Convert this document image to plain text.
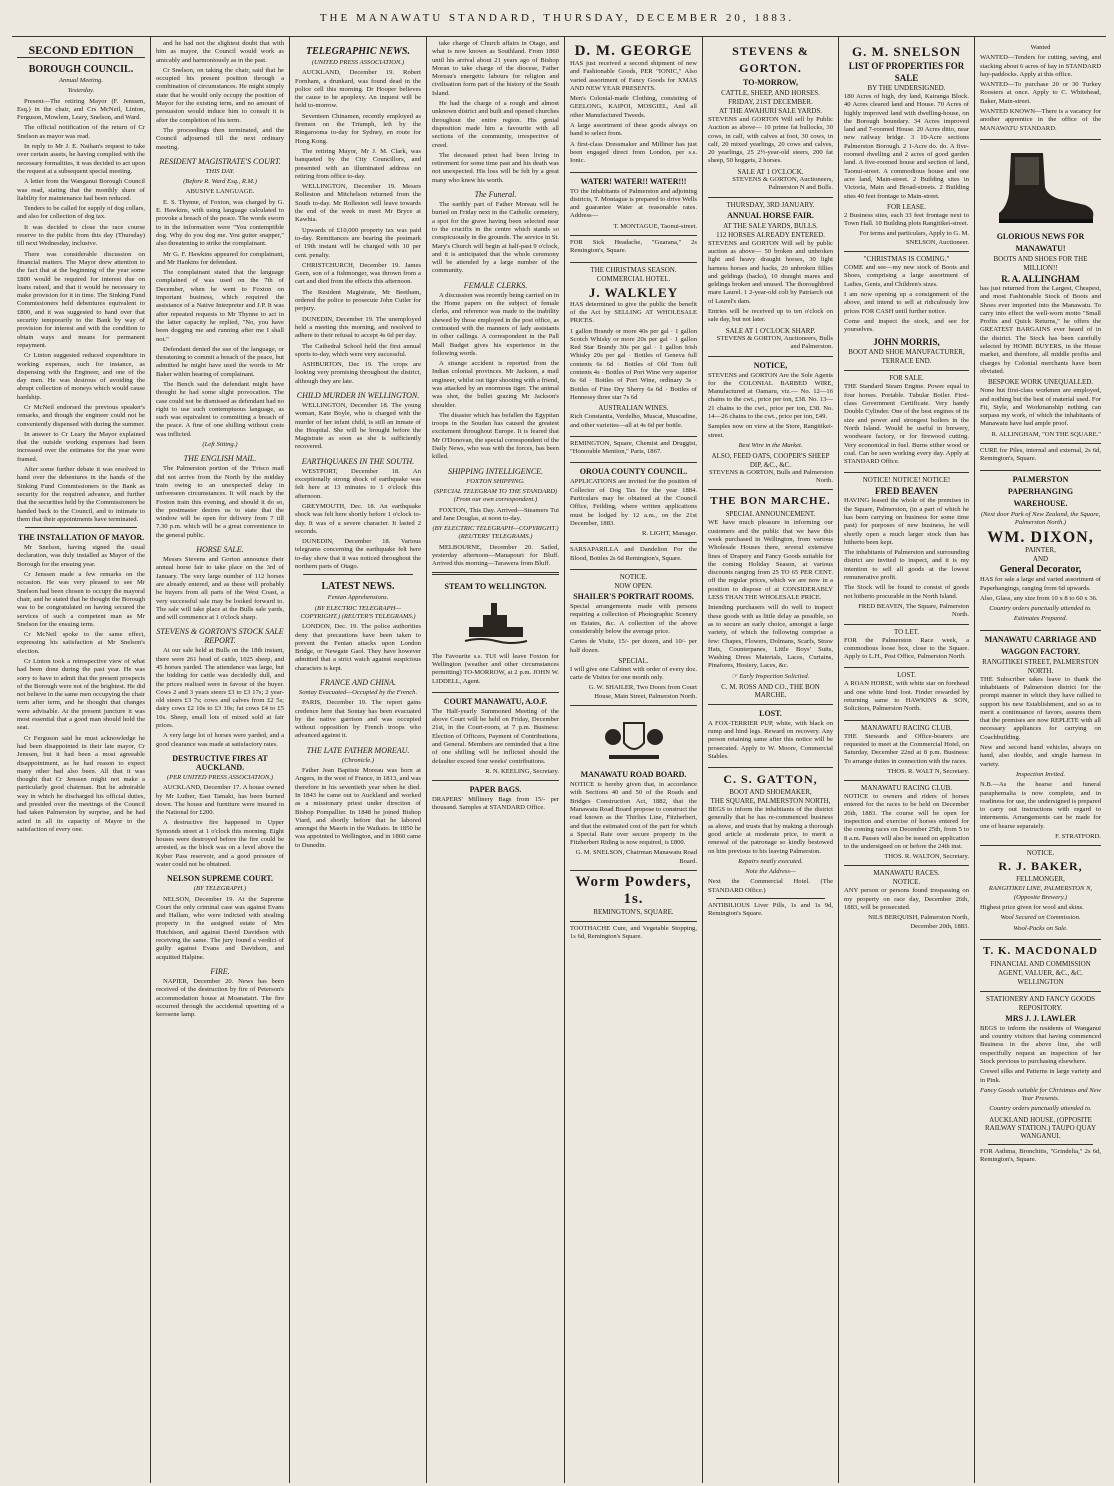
THE MANAWATU STANDARD, THURSDAY, DECEMBER 20, 1883.
SECOND EDITION
BOROUGH COUNCIL.
Annual Meeting.
Yesterday.

Present—The retiring Mayor (F. Jenssen, Esq.) in the chair, and Crs McNeil, Linton, Ferguson, Mowlem, Leary, Snelson, and Ward.

The official notification of the return of Cr Snelson as mayor was read.

In reply to Mr J. E. Nathan's request to take over certain assets, he having complied with the necessary formalities, it was decided to act upon the request at a subsequent special meeting.

A letter from the Wanganui Borough Council was read, stating that the monthly share of liability for maintenance had been reduced.

Tenders to be called for supply of dog collars, and also for collection of dog tax.

It was decided to close the race course reserve to the public from this day (Thursday) till next Wednesday, inclusive.

There was considerable discussion on financial matters. The Mayor drew attention to the fact that at the beginning of the year some £800 would be required for interest due on loans raised, and that it would be necessary to make provision for it in time. The Sinking Fund Commissioners held debentures equivalent to £800, and it was suggested to hand over that security temporarily to the Bank by way of provision for interest and with the condition to obtain ways and means for permanent repayment.

Cr Linton suggested reduced expenditure in working expenses, such for instance, as dispensing with the Engineer, and one of the day men. He was desirous of avoiding the abrupt collection of moneys which would cause hardship.

Cr McNeil endorsed the previous speaker's remarks, and though the engineer could not be conveniently dispensed with during the summer.

In answer to Cr Leary the Mayor explained that the outside working expenses had been increased over the estimates for the year were framed.

After some further debate it was resolved to hand over the debentures in the hands of the Sinking Fund Commissioners to the Bank as security for the required advance, and further that the securities held by the Commissioners be handed back to the Council, and to intimate to them that their appointments have terminated.

THE INSTALLATION OF MAYOR.

Mr Snelson, having signed the usual declaration, was duly installed as Mayor of the Borough for the ensuing year.

Cr Jenssen made a few remarks on the occasion. He was very pleased to see Mr Snelson had been chosen to occupy the mayoral chair, and he stated that he thought the Borough was to be congratulated on having secured the services of such a competent man as Mr Snelson for the ensuing term.

Cr McNeil spoke to the same effect, expressing his satisfaction at Mr Snelson's election.

Cr Linton took a retrospective view of what had been done during the past year. He was sorry to have to admit that the present prospects of the Borough were not of the brightest. He did not believe in the same men occupying the chair term after term, and he thought that changes were advisable. At the present juncture it was most essential that a good man should hold the seat.

Cr Ferguson said he must acknowledge he had been disappointed in their late mayor, Cr Jenssen, but it had been a most agreeable disappointment, as he had reason to expect many other had also been. All that it was thought that Cr Jenssen might not make a particularly good chairman. But he admirable way in which he discharged his official duties, and presided over the meetings of the Council had taken Palmerston by surprise, and he had acted in all its capacity of Mayor to the satisfaction of every one.

and he had not the slightest doubt that with him as mayor, the Council would work as amicably and harmoniously as in the past.

Cr Snelson, on taking the chair, said that he occupied his present position through a combination of circumstances. He might simply state that he would only occupy the position of Mayor for the existing term, and no amount of persuasion would induce him to consult it is after the completion of his term.

The proceedings then terminated, and the Council adjourned till the next ordinary meeting.

RESIDENT MAGISTRATE'S COURT.
THIS DAY.
(Before R. Ward Esq., R.M.)
ABUSIVE LANGUAGE.

E. S. Thynne, of Foxton, was charged by G. E. Hawkins, with using language calculated to provoke a breach of the peace. The words sworn to in the information were "You contemptible dog. Why do you dog me. You gutter snapper," also threatening to strike the complainant.

Mr G. F. Hawkins appeared for complainant, and Mr Hankins for defendant.

The complainant stated that the language complained of was used on the 7th of December, when he went to Foxton on important business, which required the assistance of a Native Interpreter and J.P. It was after repeated requests to Mr Thynne to act in the latter capacity he replied, "No, you have been dogging me and running after me I shall not."

Defendant denied the use of the language, or threatening to commit a breach of the peace, but admitted he might have used the words to Mr Baker within hearing of complainant.

The Bench said the defendant might have thought he had some slight provocation. The case could not be dismissed as defendant had no right to use such contemptuous language, as such was equivalent to committing a breach of the peace. A fine of one shilling without costs was inflicted.

(Left Sitting.)
THE ENGLISH MAIL.

The Palmerston portion of the 'Frisco mail did not arrive from the North by the midday train owing to an unexpected delay in unforeseen circumstances. It will reach by the Foxton train this evening, and should it do so, the postmaster desires us to state that the window will be open for delivery from 7 till 7.30 p.m. which will be a great convenience to the general public.

HORSE SALE.

Messrs Stevens and Gorton announce their annual horse fair to take place on the 3rd of January. The very large number of 112 horses are already entered, and as these will probably be buyers from all parts of the West Coast, a very successful sale may be looked forward to. The sale will take place at the Bulls sale yards, and will commence at 1 o'clock sharp.

STEVENS & GORTON'S STOCK SALE REPORT.

At our sale held at Bulls on the 18th instant, there were 261 head of cattle, 1025 sheep, and 45 horses yarded. The attendance was large, but the bidding for cattle was decidedly dull, and the prices realised were in favour of the buyer. Cows 2 and 3 years steers £3 to £3 17s; 2 year-old steers £3 7s; cows and calves from £2 5s; dairy cows £2 10s to £3 10s; fat cows £4 to £5 10s. Sheep, small lots of mixed sold at fair prices.

A very large lot of horses were yarded, and a good clearance was made at satisfactory rates.

DESTRUCTIVE FIRES AT AUCKLAND.
(PER UNITED PRESS ASSOCIATION.)

AUCKLAND, December 17. A house owned by Mr Luther, East Tamaki, has been burned down. The house and furniture were insured in the National for £200.

A destructive fire happened in Upper Symonds street at 1 o'clock this morning. Eight houses were destroyed before the fire could be arrested, as the block was on a level above the Kyber Pass reservoir, and a good pressure of water could not be obtained.

NELSON SUPREME COURT.
(BY TELEGRAPH.)

NELSON, December 19. At the Supreme Court the only criminal case was against Evans and Hallam, who were indicted with stealing property in the assigned estate of Mrs Hutchison, and against David Davidson with receiving the same. The jury found a verdict of guilty against Evans and Davidson, and acquitted Halpine.

FIRE.

NAPIER, December 20. News has been received of the destruction by fire of Peterson's accommodation house at Moanatairi. The fire occurred through the accidental upsetting of a kerosene lamp.

TELEGRAPHIC NEWS.
(UNITED PRESS ASSOCIATION.)

AUCKLAND, December 19. Robert Fornham, a drunkard, was found dead in the police cell this morning. Dr Hooper believes the cause to be apoplexy. An inquest will be held to-morrow.

Seventeen Chinamen, recently employed as firemen on the Triumph, left by the Ringarooma to-day for Sydney, en route for Hong Kong.

The retiring Mayor, Mr J. M. Clark, was banqueted by the City Councillors, and presented with an illuminated address on retiring from office to-day.

WELLINGTON, December 19. Messrs Rolleston and Mitchelson returned from the South to-day. Mr Rolleston will leave towards the end of the week to meet Mr Bryce at Kawhia.

Upwards of £10,000 property tax was paid to-day. Remittances are bearing the postmark of 19th instant will be charged with 10 per cent. penalty.

CHRISTCHURCH, December 19. James Geen, son of a fishmonger, was thrown from a cart and died from the effects this afternoon.

The Resident Magistrate, Mr Beetham, ordered the police to prosecute John Cutler for perjury.

DUNEDIN, December 19. The unemployed held a meeting this morning, and resolved to adhere to their refusal to accept 4s 6d per day.

The Cathedral School held the first annual sports to-day, which were very successful.

ASHBURTON, Dec 19. The crops are looking very promising throughout the district, although they are late.

CHILD MURDER IN WELLINGTON.

WELLINGTON, December 18. The young woman, Kate Boyle, who is charged with the murder of her infant child, is still an inmate of the Hospital. She will be brought before the Magistrate as soon as she is sufficiently recovered.

EARTHQUAKES IN THE SOUTH.

WESTPORT, December 18. An exceptionally strong shock of earthquake was felt here at 13 minutes to 1 o'clock this afternoon.

GREYMOUTH, Dec. 18. An earthquake shock was felt here shortly before 1 o'clock to-day. It was of a severe character. It lasted 2 seconds.

DUNEDIN, December 18. Various telegrams concerning the earthquake felt here to-day show that it was noticed throughout the northern parts of Otago.

LATEST NEWS.
Fenian Apprehensions.
(BY ELECTRIC TELEGRAPH—COPYRIGHT.) (REUTER'S TELEGRAMS.)

LONDON, Dec. 19. The police authorities deny that precautions have been taken to prevent the Fenian attacks upon London Bridge, or Newgate Gaol. They have however admitted that a strict watch against suspicious characters is kept.

FRANCE AND CHINA.
Sontay Evacuated—Occupied by the French.

PARIS, December 19. The report gains credence here that Sontay has been evacuated by the native garrison and was occupied without opposition by French troops who advanced against it.

THE LATE FATHER MOREAU.
(Chronicle.)

Father Jean Baptiste Moreau was born at Angers, in the west of France, in 1813, and was therefore in his seventieth year when he died. In 1843 he came out to Auckland and worked as a missionary priest under direction of Bishop Pompallier. In 1848 he joined Bishop Viard, and shortly before that he labored amongst the Maoris in the Waikato. In 1850 he was appointed to Wellington, and in 1860 came to Dunedin.

take charge of Church affairs in Otago, and what is now known as Southland. From 1860 until his arrival about 21 years ago of Bishop Moran to take charge of the diocese, Father Moreau's energetic labours for religion and civilisation form part of the history of the South Island.

He had the charge of a rough and almost unknown district and built and opened churches throughout the entire region. His genial disposition made him a favourite with all sections of the community, irrespective of creed.

The deceased priest had been living in retirement for some time past and his death was not unexpected. His loss will be felt by a great many who knew his worth.

The Funeral.

The earthly part of Father Moreau will be buried on Friday next in the Catholic cemetery, a spot for the grave having been selected near to the crucifix in the centre which stands so conspicuously in the grounds. The service in St. Mary's Church will begin at half-past 9 o'clock, and it is anticipated that the whole ceremony will be attended by a large number of the community.

FEMALE CLERKS.

A discussion was recently being carried on in the Home papers on the subject of female clerks, and reference was made to the inability shewed by those employed in the post office, as contrasted with the manners of lady assistants in other callings. A correspondent in the Pall Mall Budget gives his experience in the following words.

A strange accident is reported from the Indian colonial provinces. Mr Jackson, a mail engineer, whilst out tiger shooting with a friend, was attacked by an enormous tiger. The animal was shot, the bullet grazing Mr Jackson's shoulder.

The disaster which has befallen the Egyptian troops in the Soudan has caused the greatest excitement throughout Europe. It is feared that Mr O'Donovan, the special correspondent of the Daily News, who was with the forces, has been killed.

SHIPPING INTELLIGENCE.
FOXTON SHIPPING.
(SPECIAL TELEGRAM TO THE STANDARD) (From our own correspondent.)

FOXTON, This Day. Arrived—Steamers Tui and Jane Douglas, at noon to-day.

(BY ELECTRIC TELEGRAPH—COPYRIGHT.) (REUTERS' TELEGRAMS.)

MELBOURNE, December 20. Sailed, yesterday afternoon—Manapouri for Bluff. Arrived this morning—Tarawera from Bluff.

STEAM TO WELLINGTON.

The Favourite s.s. TUI will leave Foxton for Wellington (weather and other circumstances permitting) TO-MORROW, at 2 p.m. JOHN W. LIDDELL, Agent.

COURT MANAWATU, A.O.F.

The Half-yearly Summoned Meeting of the above Court will be held on Friday, December 21st, in the Court-room, at 7 p.m. Business: Election of Officers, Payment of Contributions, and General. Members are reminded that a fine of one shilling will be inflicted should the defaulter exceed four weeks' contributions.

R. N. KEELING, Secretary.
PAPER BAGS.

DRAPERS' Millinery Bags from 15/- per thousand. Samples at STANDARD Office.

D. M. GEORGE

HAS just received a second shipment of new and Fashionable Goods, PER "IONIC," Also varied assortment of Fancy Goods for XMAS AND NEW YEAR PRESENTS.

Men's Colonial-made Clothing, consisting of GEELONG, KAIPOI, MOSGIEL, And all other Manufactured Tweeds.

A large assortment of these goods always on hand to select from.

A first-class Dressmaker and Milliner has just been engaged direct from London, per s.s. Ionic.

WATER! WATER!! WATER!!!

TO the inhabitants of Palmerston and adjoining districts, T. Montague is prepared to drive Wells and guarantee Water at reasonable rates. Address—

T. MONTAGUE, Taonui-street.

FOR Sick Headache, "Guarana," 2s Remington's, Square.

THE CHRISTMAS SEASON.
COMMERCIAL HOTEL.
J. WALKLEY

HAS determined to give the public the benefit of the Act by SELLING AT WHOLESALE PRICES.

1 gallon Brandy or more 40s per gal · 1 gallon Scotch Whisky or more 20s per gal · 1 gallon Red Star Brandy 30s per gal · 1 gallon Irish Whisky 20s per gal · Bottles of Geneva full contents 6s 6d · Bottles of Old Tom full contents 4s · Bottles of Port Wine very superior 6s 6d · Bottles of Port Wine, ordinary 3s · Bottles of Fine Dry Sherry 6s 6d · Bottles of Hennessy three star 7s 6d

AUSTRALIAN WINES.

Rich Constantia, Verdelho, Muscat, Muscadine, and other varieties—all at 4s 6d per bottle.

REMINGTON, Square, Chemist and Druggist, "Honorable Mention," Paris, 1867.

OROUA COUNTY COUNCIL.

APPLICATIONS are invited for the position of Collector of Dog Tax for the year 1884. Particulars may be obtained at the Council Office, Feilding, where written applications must be lodged by 12 a.m., on the 21st December, 1883.

R. LIGHT, Manager.

SARSAPARILLA and Dandelion For the Blood, Bottles 2s 6d Remington's, Square.

NOTICE.
NOW OPEN.
SHAILER'S PORTRAIT ROOMS.

Special arrangements made with persons requiring a collection of Photographic Scenery on Estates, &c. A collection of the above considerably below the average price.

Cartes de Visite, 15/- per dozen, and 10/- per half dozen.

SPECIAL.

I will give one Cabinet with order of every doz. carte de Visites for one month only.

G. W. SHAILER, Two Doors from Court House, Main Street, Palmerston North.
MANAWATU ROAD BOARD.

NOTICE is hereby given that, in accordance with Sections 40 and 50 of the Roads and Bridges Construction Act, 1882, that the Manawatu Road Board propose to construct the road known as the Thirlies Line, Fitzherbert, and that the estimated cost of the part for which a Special Rate over secure property in the Fitzherbert Riding is now required, is £800.

G. M. SNELSON, Chairman Manawatu Road Board.
Worm Powders, 1s.
REMINGTON'S, SQUARE.

TOOTHACHE Cure, and Vegetable Stopping, 1s 6d, Remington's Square.

STEVENS & GORTON.
TO-MORROW,
CATTLE, SHEEP, AND HORSES.
FRIDAY, 21ST DECEMBER.
AT THE AWAHURI SALE YARDS.

STEVENS and GORTON Will sell by Public Auction as above— 10 prime fat bullocks, 30 cows, in calf, with calves at foot, 30 cows, in calf, 20 mixed yearlings, 20 cows and calves, 20 yearlings, 25 2½-year-old steers, 200 fat sheep, 50 hoggets, 2 horses.

SALE AT 1 O'CLOCK.
STEVENS & GORTON, Auctioneers, Palmerston N and Bulls.
THURSDAY, 3RD JANUARY.
ANNUAL HORSE FAIR.
AT THE SALE YARDS, BULLS.
112 HORSES ALREADY ENTERED.

STEVENS and GORTON Will sell by public auction as above— 50 broken and unbroken light and heavy draught horses, 30 light harness horses and hacks, 20 unbroken fillies and geldings (hacks), 10 draught mares and geldings broken and unused. The thoroughbred mare Laurel. 1 2-year-old colt by Patriarch out of Laurel's dam.

Entries will be received up to ten o'clock on sale day, but not later.

SALE AT 1 O'CLOCK SHARP.
STEVENS & GORTON, Auctioneers, Bulls and Palmerston.
NOTICE,

STEVENS and GORTON Are the Sole Agents for the COLONIAL BARBED WIRE, Manufactured at Oamaru, viz.— No. 12—16 chains to the cwt., price per ton, £38. No. 13—21 chains to the cwt., price per ton, £38. No. 14—26 chains to the cwt., price per ton, £49.

Samples now on view at the Store, Rangitikei-street.

Best Wire in the Market.
ALSO, FEED OATS, COOPER'S SHEEP DIP, &C., &C.
STEVENS & GORTON, Bulls and Palmerston North.
THE BON MARCHE.
SPECIAL ANNOUNCEMENT.

WE have much pleasure in informing our customers and the public that we have this week purchased in Wellington, from various Wholesale Houses there, several extensive lines of Drapery and Fancy Goods suitable for the coming Holiday Season, at various discounts ranging from 25 TO 65 PER CENT. off the regular prices, which we are now in a position to dispose of at CONSIDERABLY LESS THAN THE WHOLESALE PRICE.

Intending purchasers will do well to inspect these goods with as little delay as possible, so as to secure an early choice, amongst a large variety, of which the following comprise a few: Chapes, Flowers, Dolmans, Scarfs, Straw Hats, Counterpanes, Little Boys' Suits, Washing Dress Materials, Laces, Curtains, Pinafores, Hosiery, Laces, &c.

☞ Early Inspection Solicited.
C. M. ROSS AND CO., THE BON MARCHE.
LOST.

A FOX-TERRIER PUP, white, with black on rump and hind legs. Reward on recovery. Any person retaining same after this notice will be prosecuted. Apply to W. Moore, Commercial Stables.

C. S. GATTON,
BOOT AND SHOEMAKER,
THE SQUARE, PALMERSTON NORTH,

BEGS to inform the inhabitants of the district generally that he has re-commenced business as above, and trusts that by making a thorough good article at moderate price, to merit a renewal of the patronage so kindly bestowed on him previous to his leaving Palmerston.

Repairs neatly executed.
Note the Address—

Next the Commercial Hotel. (The STANDARD Office.)

ANTIBILIOUS Liver Pills, 1s and 1s 9d, Remington's Square.

G. M. SNELSON
LIST OF PROPERTIES FOR SALE
BY THE UNDERSIGNED.

180 Acres of high, dry land, Kairanga Block. 40 Acres cleared land and House. 70 Acres of highly improved land with dwelling-house, on the Borough boundary. 34 Acres improved land and 7-roomed House. 20 Acres ditto, near new railway bridge. 3 10-Acre sections Palmerston Borough. 2 1-Acre do. do. A five-roomed dwelling and 2 acres of good garden land. A five-roomed house and section of land, Taonui-street. A commodious house and one acre land, Main-street. 2 Building sites in Victoria, Main and Broad-streets. 2 Building sites 40 feet frontage to Main-street.

FOR LEASE.

2 Business sites, each 33 feet frontage next to Town Hall. 10 Building plots Rangitikei-street.

For terms and particulars, Apply to G. M. SNELSON, Auctioneer.
"CHRISTMAS IS COMING."

COME and see—my new stock of Boots and Shoes, comprising a large assortment of Ladies, Gents, and Children's sizes.

I am now opening up a consignment of the above, and intend to sell at ridiculously low prices FOR CASH until further notice.

Come and inspect the stock, and see for yourselves.

JOHN MORRIS,
BOOT AND SHOE MANUFACTURER, TERRACE END.
FOR SALE.

THE Standard Steam Engine. Power equal to four horses. Portable. Tubular Boiler. First-class Government Certificate. Very handy Double Cylinder. One of the best engines of its size and power and strongest boilers in the North Island. Would be useful in brewery, woodware factory, or for firewood cutting. Very economical in fuel. Burns either wood or coal. Can be seen working every day. Apply at STANDARD Office.

NOTICE! NOTICE! NOTICE!
FRED BEAVEN

HAVING leased the whole of the premises in the Square, Palmerston, (in a part of which he has been carrying on business for some time past) for purposes of new business, he will shortly open a much larger stock than has hitherto been kept.

The inhabitants of Palmerston and surrounding district are invited to inspect, and it is my intention to sell all goods at the lowest remunerative profit.

The Stock will be found to consist of goods not hitherto procurable in the North Island.

FRED BEAVEN, The Square, Palmerston North.
TO LET.

FOR the Palmerston Race week, a commodious loose box, close to the Square. Apply to L.H., Post Office, Palmerston North.

LOST.

A ROAN HORSE, with white star on forehead and one white hind foot. Finder rewarded by returning same to HAWKINS & SON, Solicitors, Palmerston North.

MANAWATU RACING CLUB.

THE Stewards and Office-bearers are requested to meet at the Commercial Hotel, on Saturday, December 22nd at 8 p.m. Business: To arrange duties in connection with the races.

THOS. R. WALT N, Secretary.
MANAWATU RACING CLUB.

NOTICE to owners and riders of horses entered for the races to be held on December 26th, 1883. The course will be open for inspection and exercise of horses entered for the coming races on December 25th, from 5 to 8 a.m. Passes will also be issued on application to the undersigned on or before the 24th inst.

THOS. R. WALTON, Secretary.
MANAWATU RACES.
NOTICE.

ANY person or persons found trespassing on my property on race day, December 26th, 1883, will be prosecuted.

NILS BERQUISH, Palmerston North, December 20th, 1883.
Wanted

WANTED—Tenders for cutting, saving, and stacking about 6 acres of hay in STANDARD hay-paddocks. Apply at this office.

WANTED—To purchase 20 or 30 Turkey Roosters at once. Apply to C. Whitehead, Baker, Main-street.

WANTED KNOWN—There is a vacancy for another apprentice in the office of the MANAWATU STANDARD.

GLORIOUS NEWS FOR MANAWATU!
BOOTS AND SHOES FOR THE MILLION!!
R. A. ALLINGHAM

has just returned from the Largest, Cheapest, and most Fashionable Stock of Boots and Shoes ever imported into the Manawatu. To carry into effect the well-worn motto "Small Profits and Quick Returns," he offers the GREATEST BARGAINS ever heard of in the district. The Stock has been carefully selected by HOME BUYERS, in the House market, and therefore, all middle profits and charges by Colonial merchants have been obviated.

BESPOKE WORK UNEQUALLED.

None but first-class workmen are employed, and nothing but the best of material used. For Fit, Style, and Workmanship nothing can surpass my work, of which the inhabitants of Manawatu have had ample proof.

R. ALLINGHAM, "ON THE SQUARE."

CURE for Piles, internal and external, 2s 6d, Remington's, Square.

PALMERSTON PAPERHANGING WAREHOUSE.
(Next door Park of New Zealand, the Square, Palmerston North.)
WM. DIXON,
PAINTER,
AND
General Decorator,

HAS for sale a large and varied assortment of Paperhangings, ranging from 6d upwards.

Also, Glass, any size from 10 x 8 to 60 x 36.

Country orders punctually attended to.
Estimates Prepared.
MANAWATU CARRIAGE AND WAGGON FACTORY.
RANGITIKEI STREET, PALMERSTON NORTH.

THE Subscriber takes leave to thank the inhabitants of Palmerston district for the prompt manner in which they have rallied to support his new Establishment, and so as to merit a continuance of favors, assures them that the premises are now REPLETE with all necessary appliances for carrying on Coachbuilding.

New and second hand vehicles, always on hand, also double, and single harness in variety.

Inspection Invited.

N.B.—As the hearse and funeral paraphernalia is now complete, and in readiness for use, the undersigned is prepared to carry out instructions with regard to interments. Arrangements can be made for one of hearse separately.

F. STRATFORD.
NOTICE.
R. J. BAKER,
FELLMONGER,
RANGITIKEI LINE, PALMERSTON N, (Opposite Brewery.)

Highest price given for wool and skins.

Wool Secured on Commission.
Wool-Packs on Sale.
T. K. MACDONALD
FINANCIAL AND COMMISSION AGENT, VALUER, &C., &C. WELLINGTON
STATIONERY AND FANCY GOODS REPOSITORY.
MRS J. J. LAWLER

BEGS to inform the residents of Wanganui and country visitors that having commenced Business in the above line, she will respectfully request an inspection of her Stock previous to purchasing elsewhere.

Crewel silks and Patterns in large variety and in Pink.

Fancy Goods suitable for Christmas and New Year Presents.
Country orders punctually attended to.
AUCKLAND HOUSE, (OPPOSITE RAILWAY STATION.) TAUPO QUAY WANGANUI.

FOR Asthma, Bronchitis, "Grindelia," 2s 6d, Remington's, Square.
